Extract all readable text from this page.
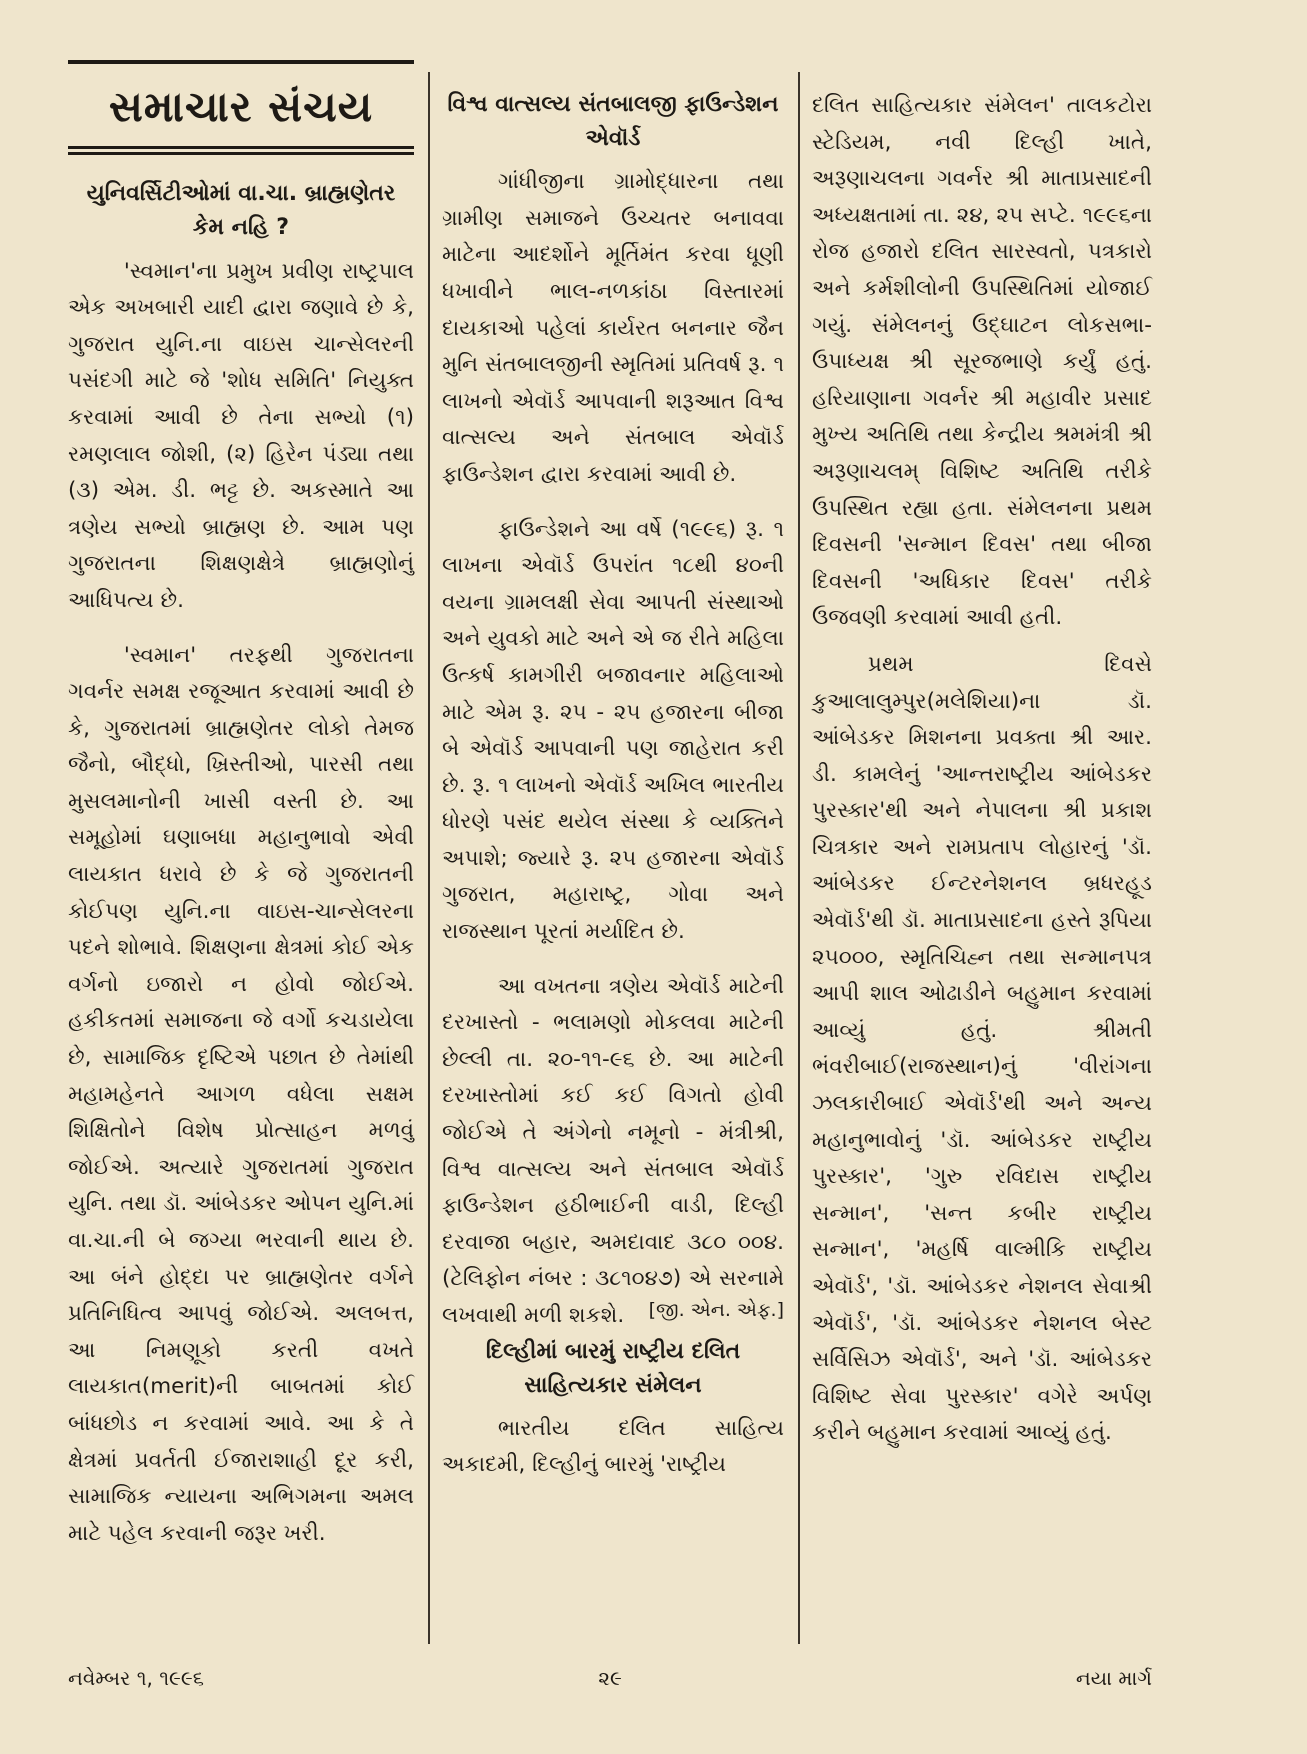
સમાચાર સંચય
યુનિવર્સિટીઓમાં વા.ચા. બ્રાહ્મણેતર કેમ નહિ ?

'સ્વમાન'ના પ્રમુખ પ્રવીણ રાષ્ટ્રપાલ એક અખબારી યાદી દ્વારા જણાવે છે કે, ગુજરાત યુનિ.ના વાઇસ ચાન્સેલરની પસંદગી માટે જે 'શોધ સમિતિ' નિયુક્ત કરવામાં આવી છે તેના સભ્યો (૧) રમણલાલ જોશી, (૨) હિરેન પંડ્યા તથા (૩) એમ. ડી. ભટ્ટ છે. અકસ્માતે આ ત્રણેય સભ્યો બ્રાહ્મણ છે. આમ પણ ગુજરાતના શિક્ષણક્ષેત્રે બ્રાહ્મણોનું આધિપત્ય છે.

'સ્વમાન' તરફથી ગુજરાતના ગવર્નર સમક્ષ રજૂઆત કરવામાં આવી છે કે, ગુજરાતમાં બ્રાહ્મણેતર લોકો તેમજ જૈનો, બૌદ્ધો, ખ્રિસ્તીઓ, પારસી તથા મુસલમાનોની ખાસી વસ્તી છે. આ સમૂહોમાં ઘણાબધા મહાનુભાવો એવી લાયકાત ધરાવે છે કે જે ગુજરાતની કોઈપણ યુનિ.ના વાઇસ-ચાન્સેલરના પદને શોભાવે. શિક્ષણના ક્ષેત્રમાં કોઈ એક વર્ગનો ઇજારો ન હોવો જોઈએ. હકીકતમાં સમાજના જે વર્ગો કચડાયેલા છે, સામાજિક દૃષ્ટિએ પછાત છે તેમાંથી મહામહેનતે આગળ વધેલા સક્ષમ શિક્ષિતોને વિશેષ પ્રોત્સાહન મળવું જોઈએ. અત્યારે ગુજરાતમાં ગુજરાત યુનિ. તથા ડૉ. આંબેડકર ઓપન યુનિ.માં વા.ચા.ની બે જગ્યા ભરવાની થાય છે. આ બંને હોદ્દા પર બ્રાહ્મણેતર વર્ગને પ્રતિનિધિત્વ આપવું જોઈએ. અલબત્ત, આ નિમણૂકો કરતી વખતે લાયકાત(merit)ની બાબતમાં કોઈ બાંધછોડ ન કરવામાં આવે. આ કે તે ક્ષેત્રમાં પ્રવર્તતી ઈજારાશાહી દૂર કરી, સામાજિક ન્યાયના અભિગમના અમલ માટે પહેલ કરવાની જરૂર ખરી.

વિશ્વ વાત્સલ્ય સંતબાલજી ફાઉન્ડેશન એવૉર્ડ

ગાંધીજીના ગ્રામોદ્ધારના તથા ગ્રામીણ સમાજને ઉચ્ચતર બનાવવા માટેના આદર્શોને મૂર્તિમંત કરવા ધૂણી ધખાવીને ભાલ-નળકાંઠા વિસ્તારમાં દાયકાઓ પહેલાં કાર્યરત બનનાર જૈન મુનિ સંતબાલજીની સ્મૃતિમાં પ્રતિવર્ષ રૂ. ૧ લાખનો એવૉર્ડ આપવાની શરૂઆત વિશ્વ વાત્સલ્ય અને સંતબાલ એવૉર્ડ ફાઉન્ડેશન દ્વારા કરવામાં આવી છે.

ફાઉન્ડેશને આ વર્ષે (૧૯૯૬) રૂ. ૧ લાખના એવૉર્ડ ઉપરાંત ૧૮થી ૪૦ની વયના ગ્રામલક્ષી સેવા આપતી સંસ્થાઓ અને યુવકો માટે અને એ જ રીતે મહિલા ઉત્કર્ષ કામગીરી બજાવનાર મહિલાઓ માટે એમ રૂ. ૨૫ - ૨૫ હજારના બીજા બે એવૉર્ડ આપવાની પણ જાહેરાત કરી છે. રૂ. ૧ લાખનો એવૉર્ડ અખિલ ભારતીય ધોરણે પસંદ થયેલ સંસ્થા કે વ્યક્તિને અપાશે; જ્યારે રૂ. ૨૫ હજારના એવૉર્ડ ગુજરાત, મહારાષ્ટ્ર, ગોવા અને રાજસ્થાન પૂરતાં મર્યાદિત છે.

આ વખતના ત્રણેય એવૉર્ડ માટેની દરખાસ્તો - ભલામણો મોકલવા માટેની છેલ્લી તા. ૨૦-૧૧-૯૬ છે. આ માટેની દરખાસ્તોમાં કઈ કઈ વિગતો હોવી જોઈએ તે અંગેનો નમૂનો - મંત્રીશ્રી, વિશ્વ વાત્સલ્ય અને સંતબાલ એવૉર્ડ ફાઉન્ડેશન હઠીભાઈની વાડી, દિલ્હી દરવાજા બહાર, અમદાવાદ ૩૮૦ ૦૦૪. (ટેલિફોન નંબર : ૩૮૧૦૪૭) એ સરનામે લખવાથી મળી શકશે.	[જી. એન. એફ.]
દિલ્હીમાં બારમું રાષ્ટ્રીય દલિત સાહિત્યકાર સંમેલન

ભારતીય દલિત સાહિત્ય અકાદમી, દિલ્હીનું બારમું 'રાષ્ટ્રીય

દલિત સાહિત્યકાર સંમેલન' તાલકટોરા સ્ટેડિયમ, નવી દિલ્હી ખાતે, અરૂણાચલના ગવર્નર શ્રી માતાપ્રસાદની અધ્યક્ષતામાં તા. ૨૪, ૨૫ સપ્ટે. ૧૯૯૬ના રોજ હજારો દલિત સારસ્વતો, પત્રકારો અને કર્મશીલોની ઉપસ્થિતિમાં યોજાઈ ગયું. સંમેલનનું ઉદ્ઘાટન લોકસભા-ઉપાધ્યક્ષ શ્રી સૂરજભાણે કર્યું હતું. હરિયાણાના ગવર્નર શ્રી મહાવીર પ્રસાદ મુખ્ય અતિથિ તથા કેન્દ્રીય શ્રમમંત્રી શ્રી અરૂણાચલમ્ વિશિષ્ટ અતિથિ તરીકે ઉપસ્થિત રહ્યા હતા. સંમેલનના પ્રથમ દિવસની 'સન્માન દિવસ' તથા બીજા દિવસની 'અધિકાર દિવસ' તરીકે ઉજવણી કરવામાં આવી હતી.

પ્રથમ દિવસે કુઆલાલુમ્પુર(મલેશિયા)ના ડૉ. આંબેડકર મિશનના પ્રવક્તા શ્રી આર. ડી. કામલેનું 'આન્તરાષ્ટ્રીય આંબેડકર પુરસ્કાર'થી અને નેપાલના શ્રી પ્રકાશ ચિત્રકાર અને રામપ્રતાપ લોહારનું 'ડૉ. આંબેડકર ઈન્ટરનેશનલ બ્રધરહૂડ એવૉર્ડ'થી ડૉ. માતાપ્રસાદના હસ્તે રૂપિયા ૨૫૦૦૦, સ્મૃતિચિહ્ન તથા સન્માનપત્ર આપી શાલ ઓઢાડીને બહુમાન કરવામાં આવ્યું હતું. શ્રીમતી ભંવરીબાઈ(રાજસ્થાન)નું 'વીરાંગના ઝલકારીબાઈ એવૉર્ડ'થી અને અન્ય મહાનુભાવોનું 'ડૉ. આંબેડકર રાષ્ટ્રીય પુરસ્કાર', 'ગુરુ રવિદાસ રાષ્ટ્રીય સન્માન', 'સન્ત કબીર રાષ્ટ્રીય સન્માન', 'મહર્ષિ વાલ્મીકિ રાષ્ટ્રીય એવૉર્ડ', 'ડૉ. આંબેડકર નેશનલ સેવાશ્રી એવૉર્ડ', 'ડૉ. આંબેડકર નેશનલ બેસ્ટ સર્વિસિઝ એવૉર્ડ', અને 'ડૉ. આંબેડકર વિશિષ્ટ સેવા પુરસ્કાર' વગેરે અર્પણ કરીને બહુમાન કરવામાં આવ્યું હતું.

નવેમ્બર ૧, ૧૯૯૬	૨૯	નયા માર્ગ
